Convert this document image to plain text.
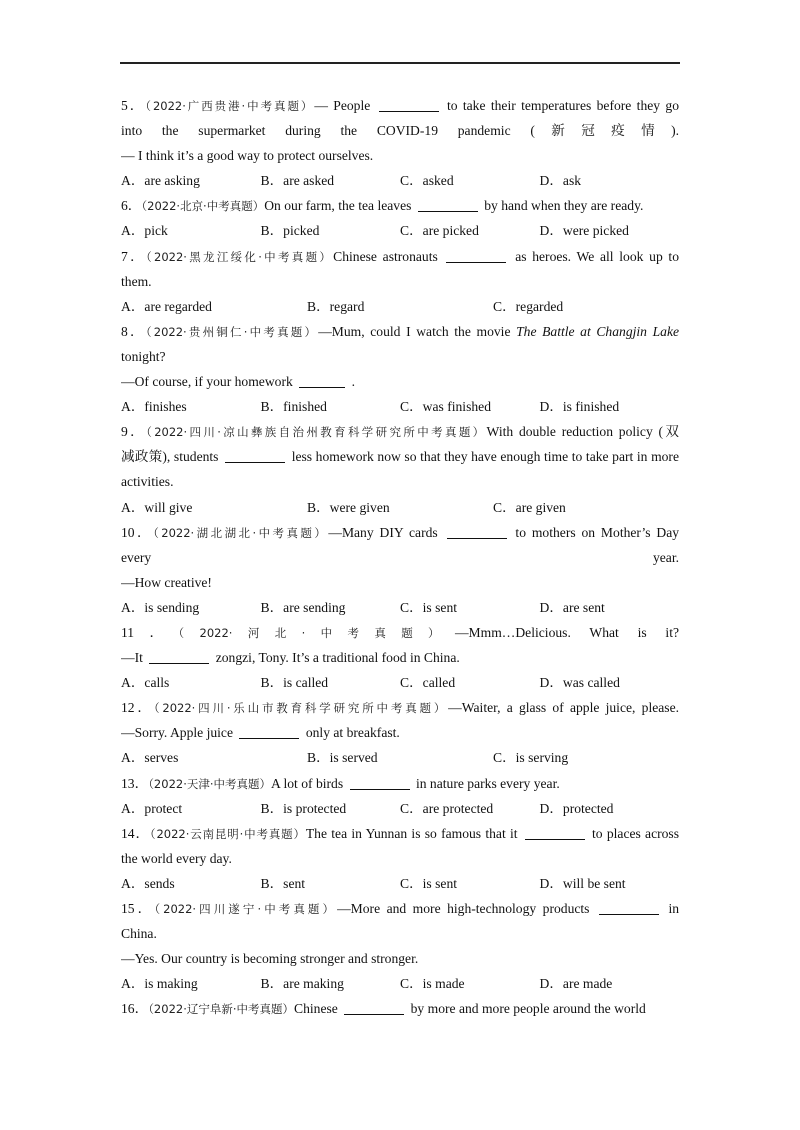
5．（2022·广西贵港·中考真题）— People	to take their temperatures before they go
into the supermarket during the COVID-19 pandemic (新冠疫情).
— I think it’s a good way to protect ourselves.
A．are asking	B．are asked	C．asked	D．ask
6．（2022·北京·中考真题）On our farm, the tea leaves	by hand when they are ready.
A．pick	B．picked	C．are picked	D．were picked
7．（2022·黑龙江绥化·中考真题）Chinese astronauts	as heroes. We all look up to
them.
A．are regarded	B．regard	C．regarded
8．（2022·贵州铜仁·中考真题）—Mum, could I watch the movie The Battle at Changjin Lake
tonight?
—Of course, if your homework	.
A．finishes	B．finished	C．was finished	D．is finished
9．（2022·四川·凉山彝族自治州教育科学研究所中考真题）With double reduction policy (双
减政策), students	less homework now so that they have enough time to take part in more
activities.
A．will give	B．were given	C．are given
10．（2022·湖北湖北·中考真题）—Many DIY cards	to mothers on Mother’s Day
every year.
—How creative!
A．is sending	B．are sending	C．is sent	D．are sent
11．（2022·河北·中考真题）—Mmm…Delicious. What is it?
—It	zongzi, Tony. It’s a traditional food in China.
A．calls	B．is called	C．called	D．was called
12．（2022·四川·乐山市教育科学研究所中考真题）—Waiter, a glass of apple juice, please.
—Sorry. Apple juice	only at breakfast.
A．serves	B．is served	C．is serving
13．（2022·天津·中考真题）A lot of birds	in nature parks every year.
A．protect	B．is protected	C．are protected	D．protected
14．（2022·云南昆明·中考真题）The tea in Yunnan is so famous that it	to places across
the world every day.
A．sends	B．sent	C．is sent	D．will be sent
15．（2022·四川遂宁·中考真题）—More and more high-technology products	in
China.
—Yes. Our country is becoming stronger and stronger.
A．is making	B．are making	C．is made	D．are made
16．（2022·辽宁阜新·中考真题）Chinese	by more and more people around the world
